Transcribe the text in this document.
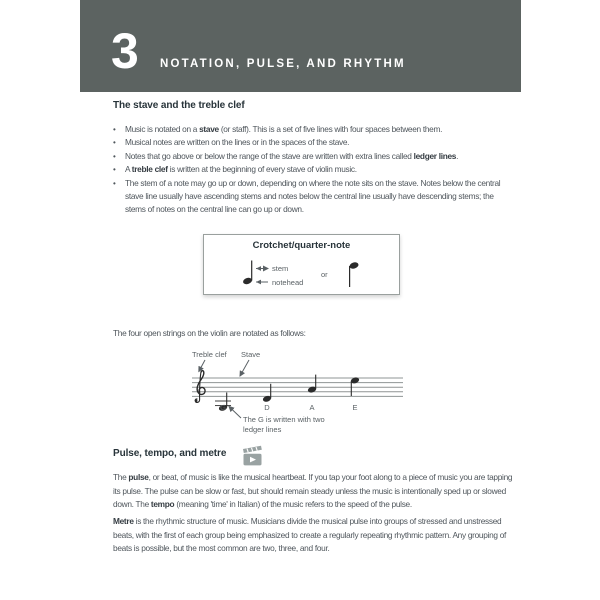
3 NOTATION, PULSE, AND RHYTHM
The stave and the treble clef
• Music is notated on a stave (or staff). This is a set of five lines with four spaces between them.
• Musical notes are written on the lines or in the spaces of the stave.
• Notes that go above or below the range of the stave are written with extra lines called ledger lines.
• A treble clef is written at the beginning of every stave of violin music.
• The stem of a note may go up or down, depending on where the note sits on the stave. Notes below the central stave line usually have ascending stems and notes below the central line usually have descending stems; the stems of notes on the central line can go up or down.
Crotchet/quarter-note
stem
notehead
or
The four open strings on the violin are notated as follows:
Treble clef Stave
G	D	A	E
The G is written with two ledger lines
Pulse, tempo, and metre
The pulse, or beat, of music is like the musical heartbeat. If you tap your foot along to a piece of music you are tapping its pulse. The pulse can be slow or fast, but should remain steady unless the music is intentionally sped up or slowed down. The tempo (meaning 'time' in Italian) of the music refers to the speed of the pulse.
Metre is the rhythmic structure of music. Musicians divide the musical pulse into groups of stressed and unstressed beats, with the first of each group being emphasized to create a regularly repeating rhythmic pattern. Any grouping of beats is possible, but the most common are two, three, and four.
